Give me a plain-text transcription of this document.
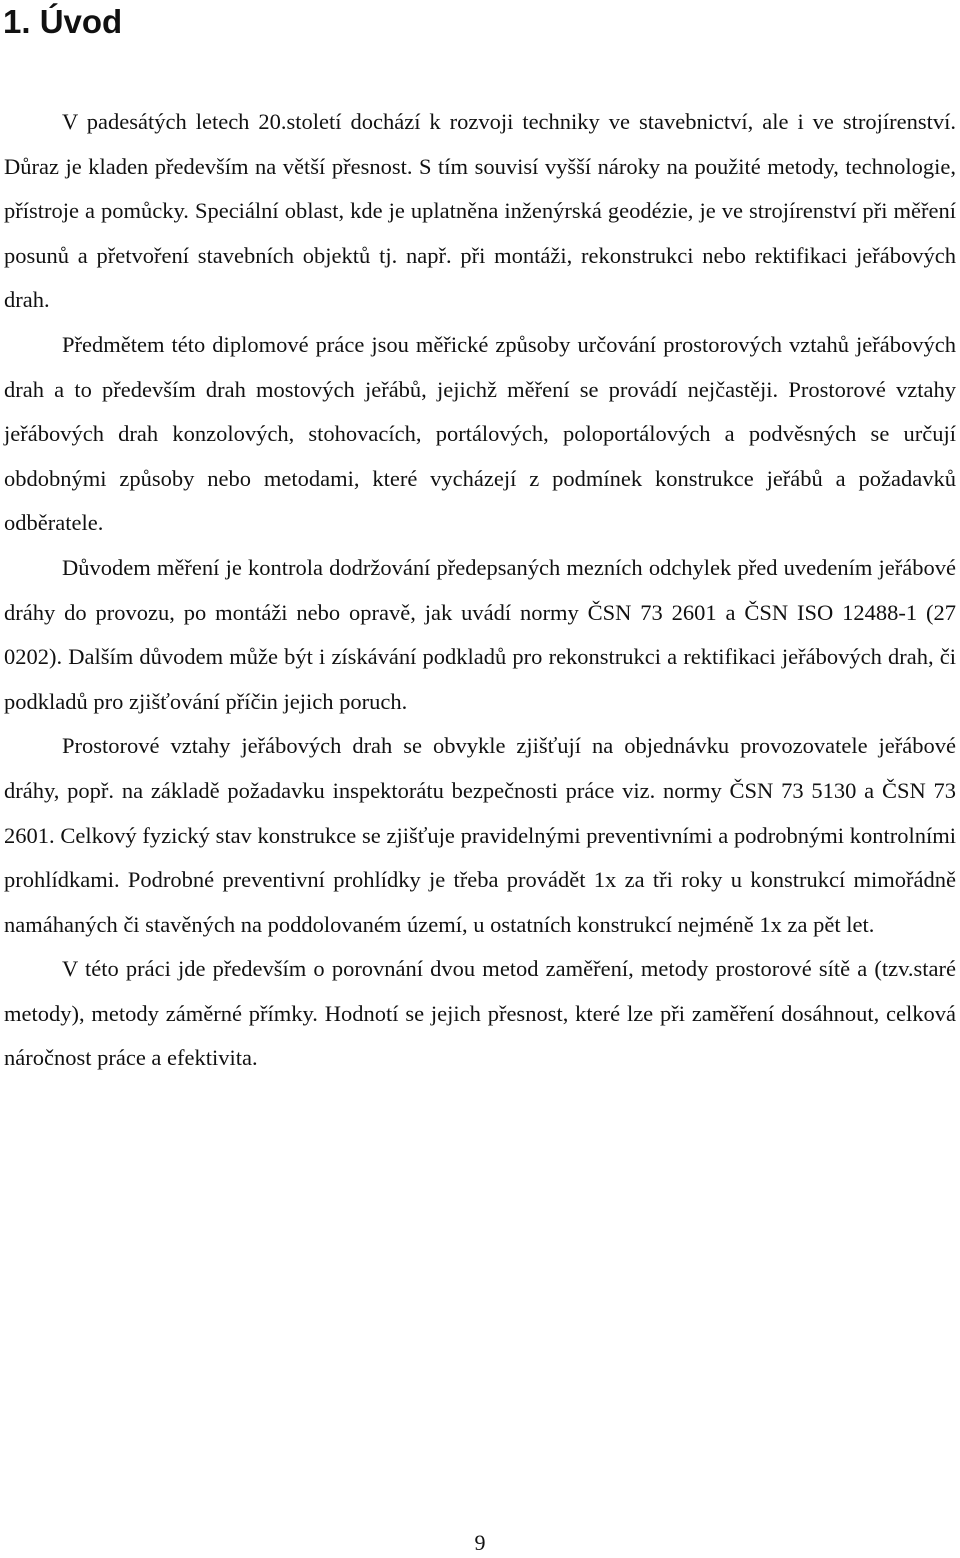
1. Úvod

V padesátých letech 20.století dochází k rozvoji techniky ve stavebnictví, ale i ve strojírenství. Důraz je kladen především na větší přesnost. S tím souvisí vyšší nároky na použité metody, technologie, přístroje a pomůcky. Speciální oblast, kde je uplatněna inženýrská geodézie, je ve strojírenství při měření posunů a přetvoření stavebních objektů tj. např. při montáži, rekonstrukci nebo rektifikaci jeřábových drah.

Předmětem této diplomové práce jsou měřické způsoby určování prostorových vztahů jeřábových drah a to především drah mostových jeřábů, jejichž měření se provádí nejčastěji. Prostorové vztahy jeřábových drah konzolových, stohovacích, portálových, poloportálových a podvěsných se určují obdobnými způsoby nebo metodami, které vycházejí z podmínek konstrukce jeřábů a požadavků odběratele.

Důvodem měření je kontrola dodržování předepsaných mezních odchylek před uvedením jeřábové dráhy do provozu, po montáži nebo opravě, jak uvádí normy ČSN 73 2601 a ČSN ISO 12488-1 (27 0202). Dalším důvodem může být i získávání podkladů pro rekonstrukci a rektifikaci jeřábových drah, či podkladů pro zjišťování příčin jejich poruch.

Prostorové vztahy jeřábových drah se obvykle zjišťují na objednávku provozovatele jeřábové dráhy, popř. na základě požadavku inspektorátu bezpečnosti práce viz. normy ČSN 73 5130 a ČSN 73 2601. Celkový fyzický stav konstrukce se zjišťuje pravidelnými preventivními a podrobnými kontrolními prohlídkami. Podrobné preventivní prohlídky je třeba provádět 1x za tři roky u konstrukcí mimořádně namáhaných či stavěných na poddolovaném území, u ostatních konstrukcí nejméně 1x za pět let.

V této práci jde především o porovnání dvou metod zaměření, metody prostorové sítě a (tzv.staré metody), metody záměrné přímky. Hodnotí se jejich přesnost, které lze při zaměření dosáhnout, celková náročnost práce a efektivita.

9
